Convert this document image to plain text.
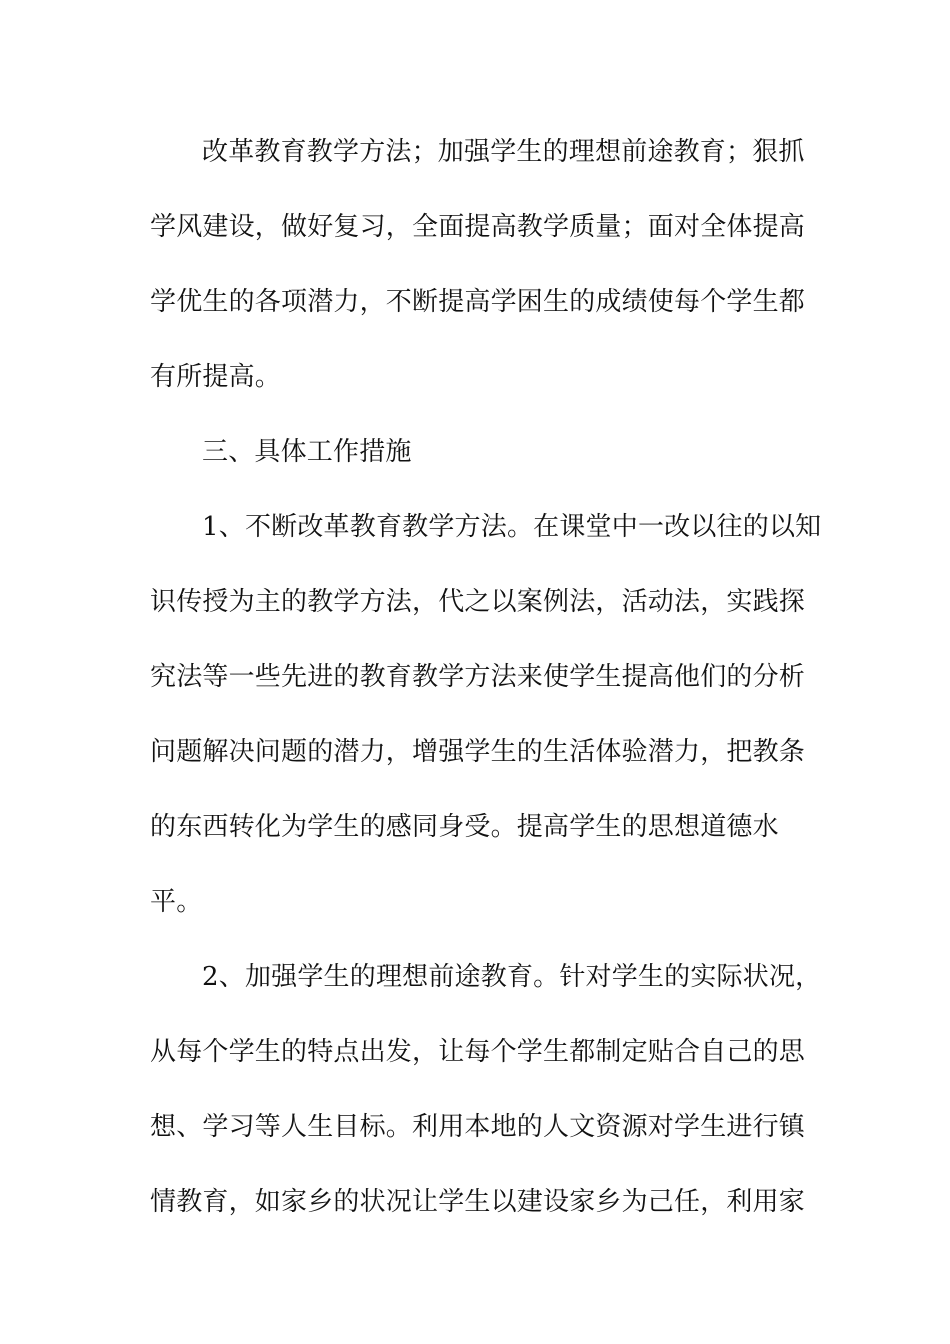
改革教育教学方法；加强学生的理想前途教育；狠抓
学风建设，做好复习，全面提高教学质量；面对全体提高
学优生的各项潜力，不断提高学困生的成绩使每个学生都
有所提高。
三、具体工作措施
1、不断改革教育教学方法。在课堂中一改以往的以知
识传授为主的教学方法，代之以案例法，活动法，实践探
究法等一些先进的教育教学方法来使学生提高他们的分析
问题解决问题的潜力，增强学生的生活体验潜力，把教条
的东西转化为学生的感同身受。提高学生的思想道德水
平。
2、加强学生的理想前途教育。针对学生的实际状况，
从每个学生的特点出发，让每个学生都制定贴合自己的思
想、学习等人生目标。利用本地的人文资源对学生进行镇
情教育，如家乡的状况让学生以建设家乡为己任，利用家
